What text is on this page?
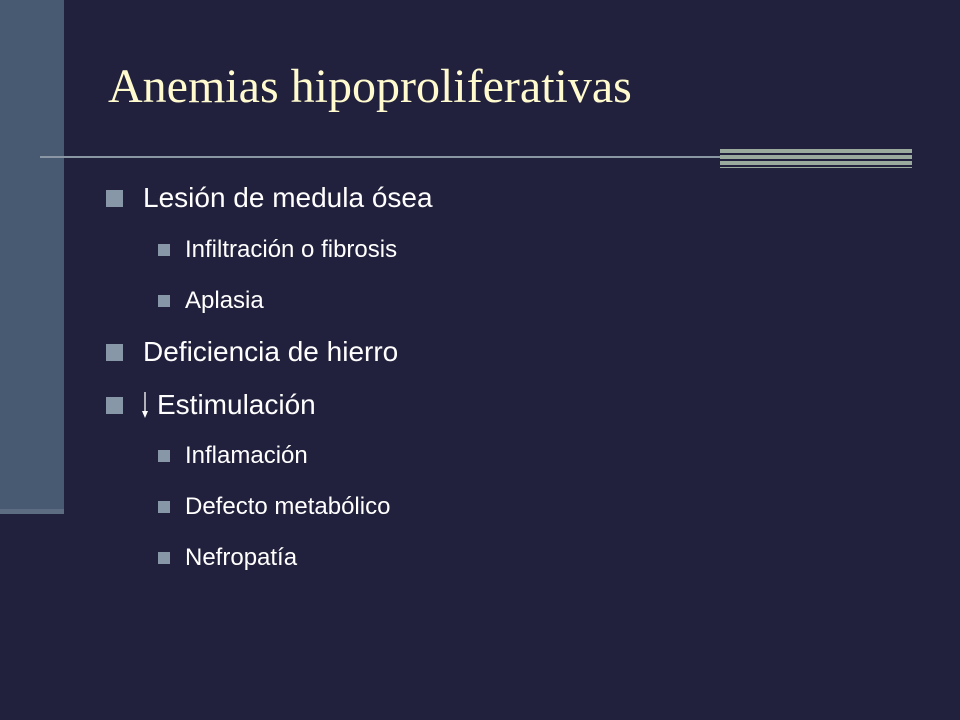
Anemias hipoproliferativas
Lesión de medula ósea
Infiltración o fibrosis
Aplasia
Deficiencia de hierro
Estimulación
Inflamación
Defecto metabólico
Nefropatía
